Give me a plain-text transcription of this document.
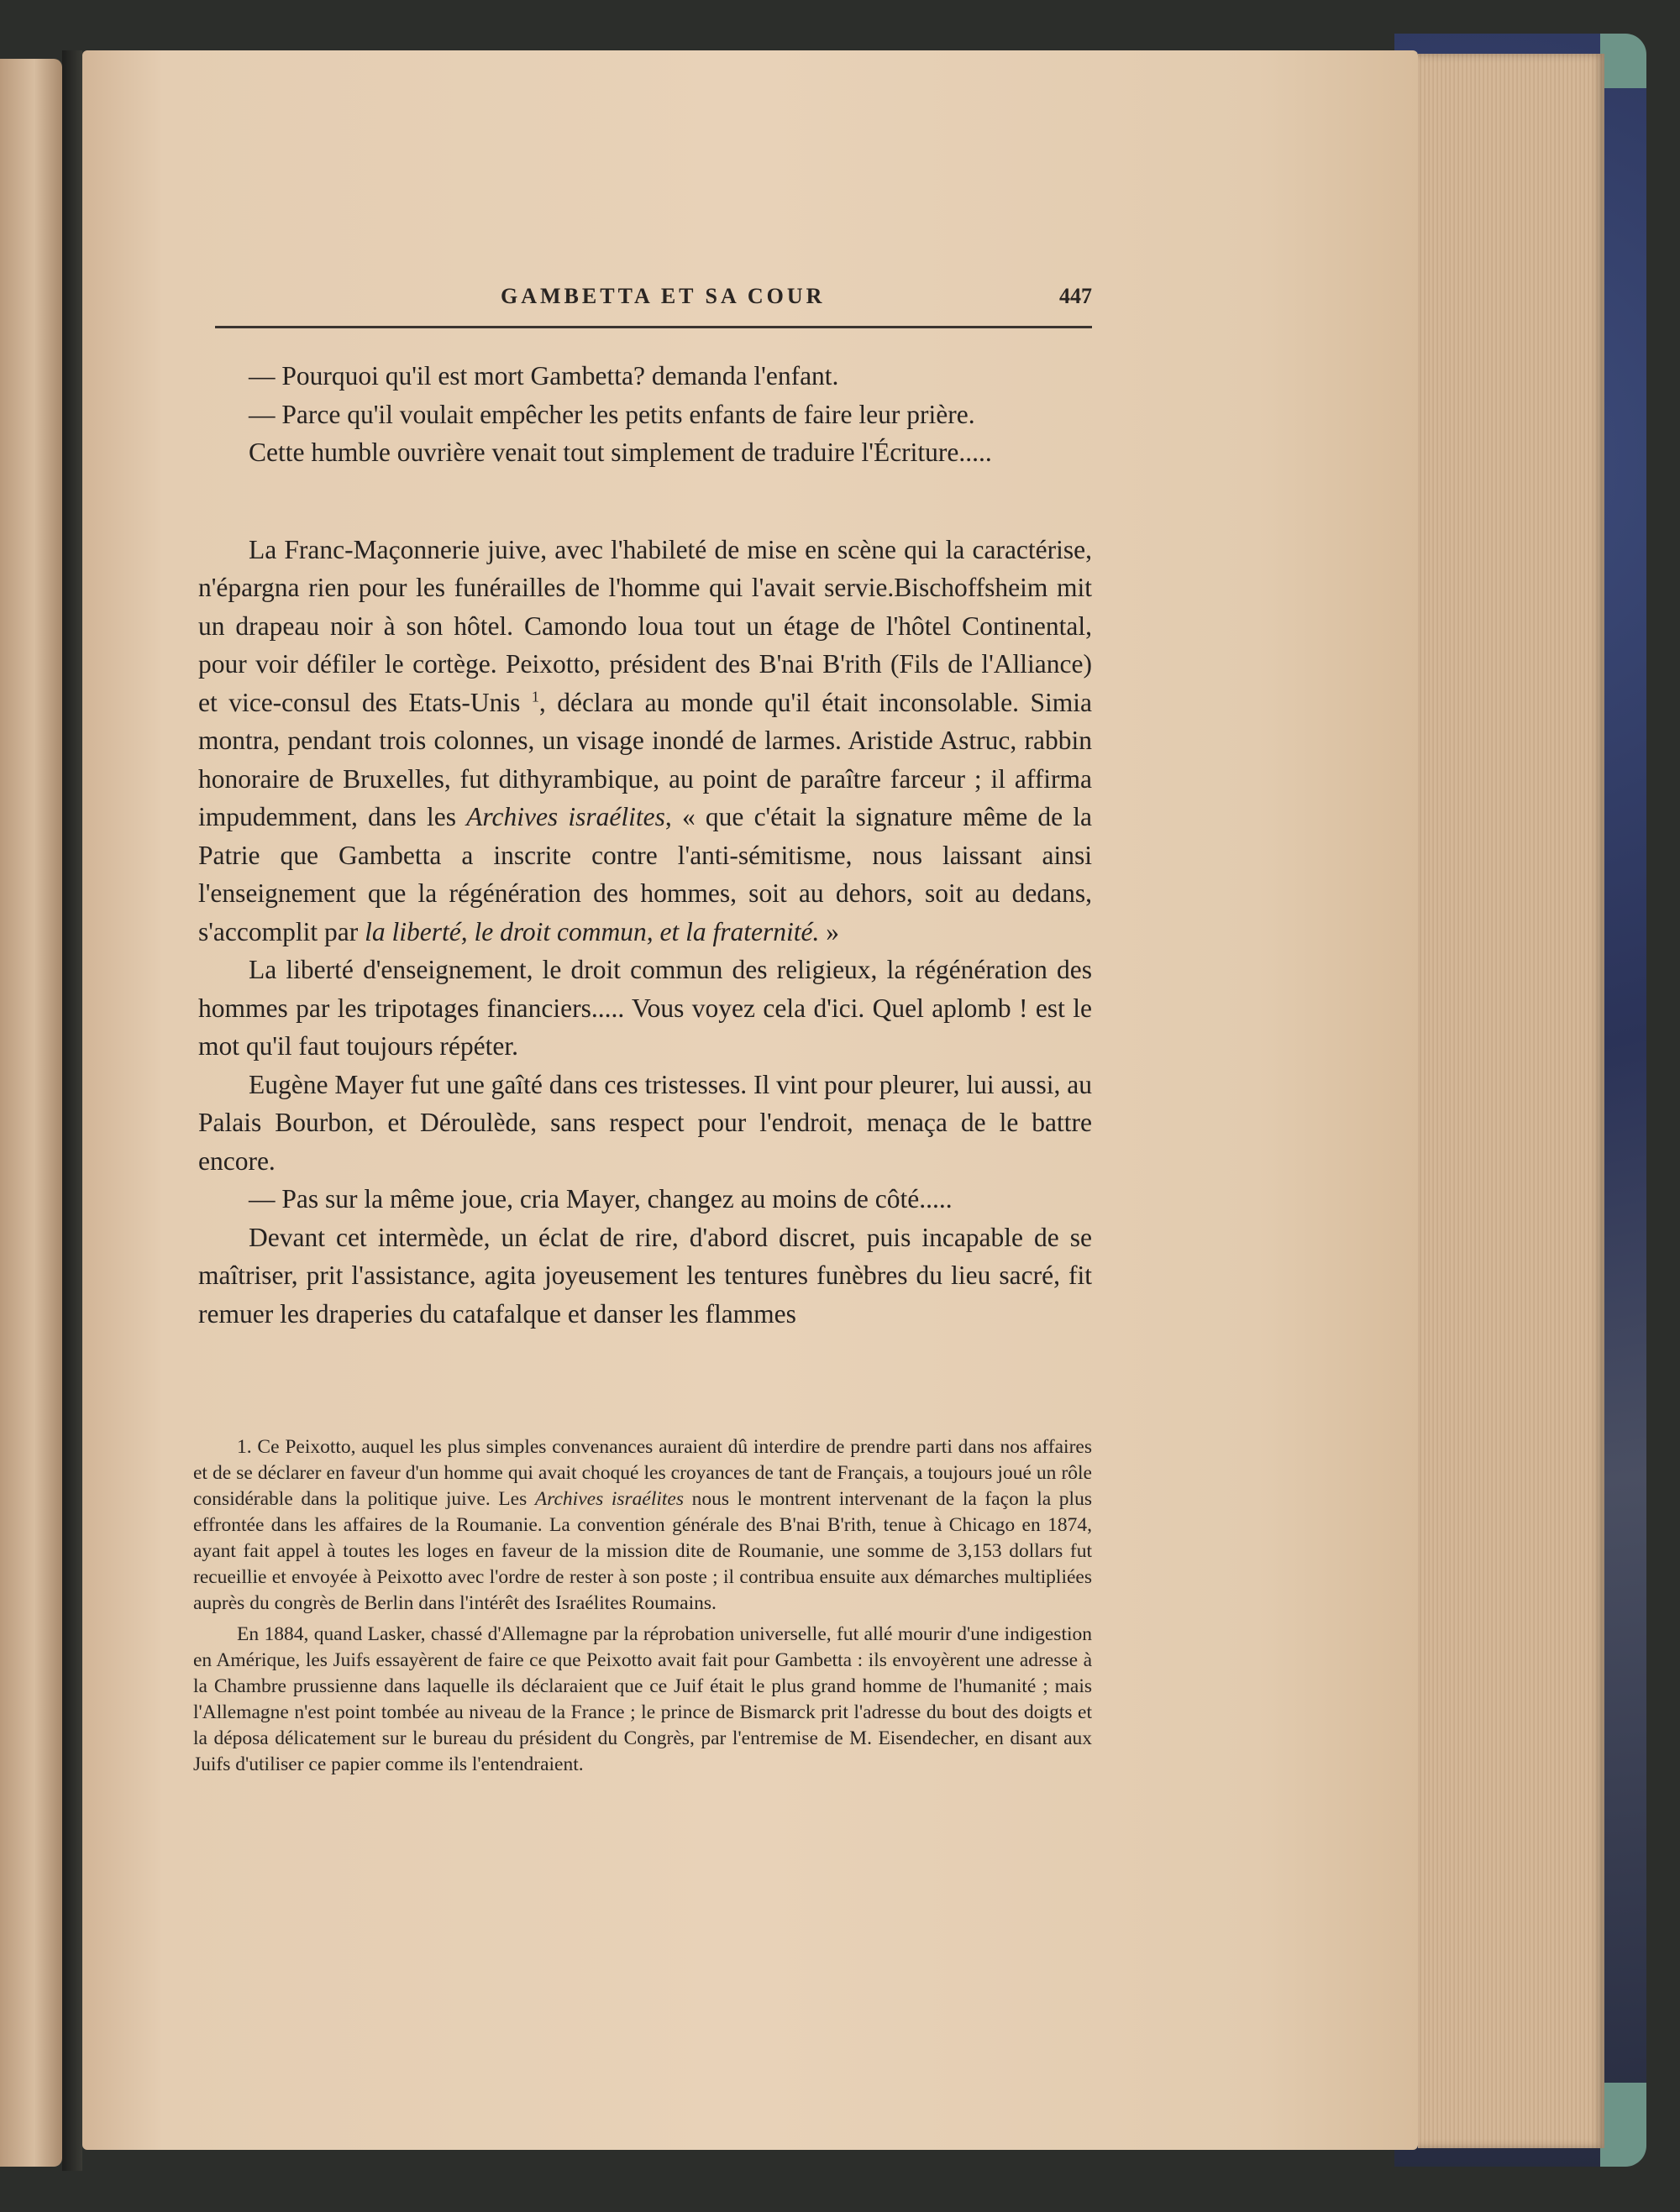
GAMBETTA ET SA COUR	447

— Pourquoi qu'il est mort Gambetta? demanda l'enfant.

— Parce qu'il voulait empêcher les petits enfants de faire leur prière.

Cette humble ouvrière venait tout simplement de traduire l'Écriture.....

La Franc-Maçonnerie juive, avec l'habileté de mise en scène qui la caractérise, n'épargna rien pour les funérailles de l'homme qui l'avait servie.Bischoffsheim mit un drapeau noir à son hôtel. Camondo loua tout un étage de l'hôtel Continental, pour voir défiler le cortège. Peixotto, président des B'nai B'rith (Fils de l'Alliance) et vice-consul des Etats-Unis $^1$, déclara au monde qu'il était inconsolable. Simia montra, pendant trois colonnes, un visage inondé de larmes. Aristide Astruc, rabbin honoraire de Bruxelles, fut dithyrambique, au point de paraître farceur ; il affirma impudemment, dans les Archives israélites, « que c'était la signature même de la Patrie que Gambetta a inscrite contre l'anti-sémitisme, nous laissant ainsi l'enseignement que la régénération des hommes, soit au dehors, soit au dedans, s'accomplit par la liberté, le droit commun, et la fraternité. »

La liberté d'enseignement, le droit commun des religieux, la régénération des hommes par les tripotages financiers..... Vous voyez cela d'ici. Quel aplomb ! est le mot qu'il faut toujours répéter.

Eugène Mayer fut une gaîté dans ces tristesses. Il vint pour pleurer, lui aussi, au Palais Bourbon, et Déroulède, sans respect pour l'endroit, menaça de le battre encore.

— Pas sur la même joue, cria Mayer, changez au moins de côté.....

Devant cet intermède, un éclat de rire, d'abord discret, puis incapable de se maîtriser, prit l'assistance, agita joyeusement les tentures funèbres du lieu sacré, fit remuer les draperies du catafalque et danser les flammes

1. Ce Peixotto, auquel les plus simples convenances auraient dû interdire de prendre parti dans nos affaires et de se déclarer en faveur d'un homme qui avait choqué les croyances de tant de Français, a toujours joué un rôle considérable dans la politique juive. Les Archives israélites nous le montrent intervenant de la façon la plus effrontée dans les affaires de la Roumanie. La convention générale des B'nai B'rith, tenue à Chicago en 1874, ayant fait appel à toutes les loges en faveur de la mission dite de Roumanie, une somme de 3,153 dollars fut recueillie et envoyée à Peixotto avec l'ordre de rester à son poste ; il contribua ensuite aux démarches multipliées auprès du congrès de Berlin dans l'intérêt des Israélites Roumains.

En 1884, quand Lasker, chassé d'Allemagne par la réprobation universelle, fut allé mourir d'une indigestion en Amérique, les Juifs essayèrent de faire ce que Peixotto avait fait pour Gambetta : ils envoyèrent une adresse à la Chambre prussienne dans laquelle ils déclaraient que ce Juif était le plus grand homme de l'humanité ; mais l'Allemagne n'est point tombée au niveau de la France ; le prince de Bismarck prit l'adresse du bout des doigts et la déposa délicatement sur le bureau du président du Congrès, par l'entremise de M. Eisendecher, en disant aux Juifs d'utiliser ce papier comme ils l'entendraient.
